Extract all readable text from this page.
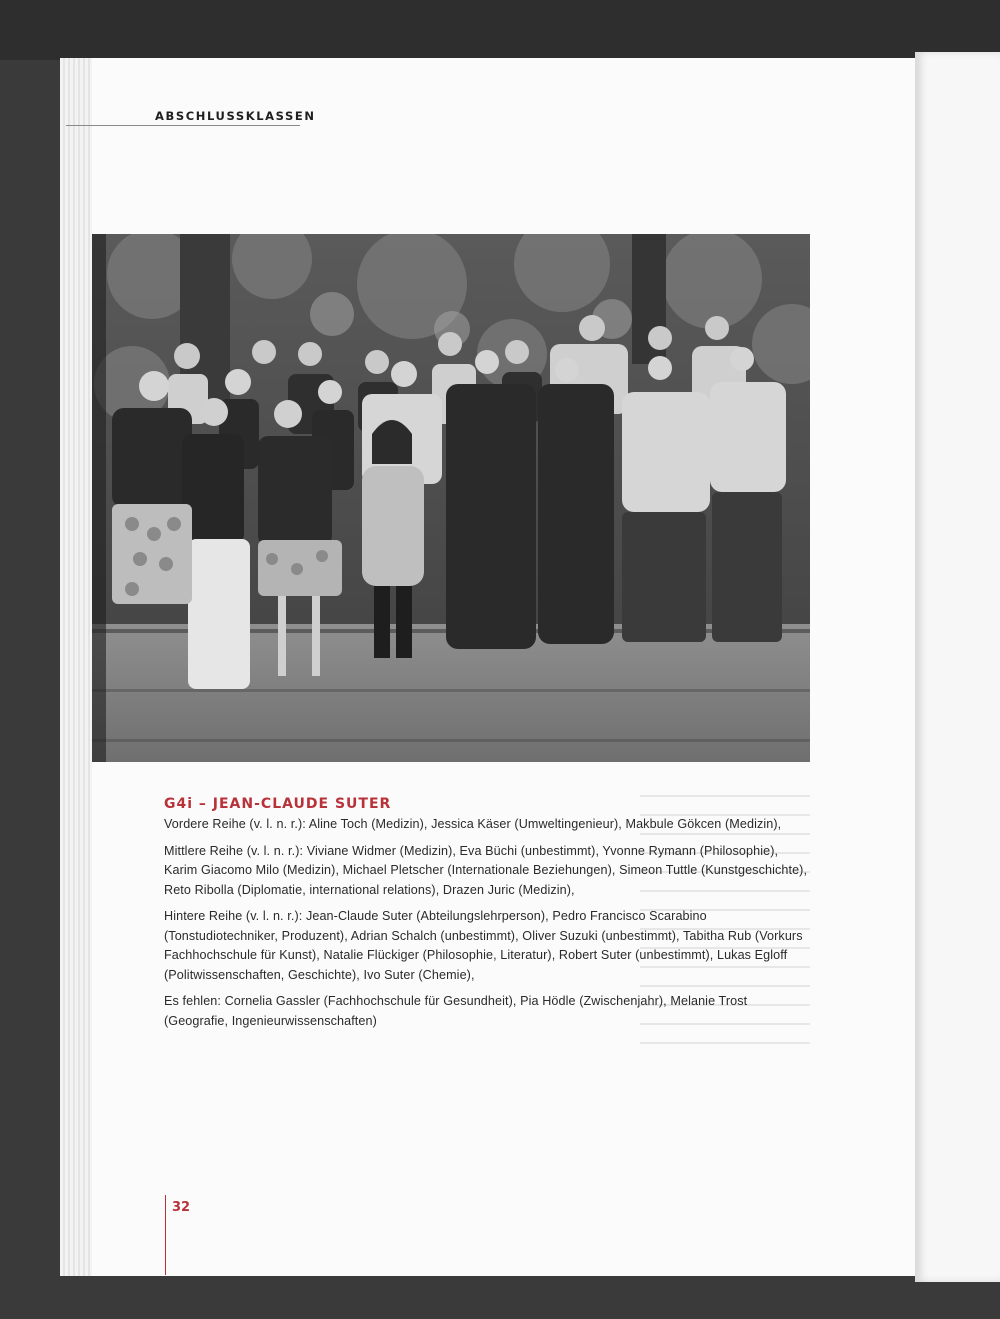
ABSCHLUSSKLASSEN
G4i – JEAN-CLAUDE SUTER

Vordere Reihe (v. l. n. r.): Aline Toch (Medizin), Jessica Käser (Umweltingenieur), Makbule Gökcen (Medizin),

Mittlere Reihe (v. l. n. r.): Viviane Widmer (Medizin), Eva Büchi (unbestimmt), Yvonne Rymann (Philosophie), Karim Giacomo Milo (Medizin), Michael Pletscher (Internationale Beziehungen), Simeon Tuttle (Kunstgeschichte), Reto Ribolla (Diplomatie, international relations), Drazen Juric (Medizin),

Hintere Reihe (v. l. n. r.): Jean-Claude Suter (Abteilungslehrperson), Pedro Francisco Scarabino (Tonstudiotechniker, Produzent), Adrian Schalch (unbestimmt), Oliver Suzuki (unbestimmt), Tabitha Rub (Vorkurs Fachhochschule für Kunst), Natalie Flückiger (Philosophie, Literatur), Robert Suter (unbestimmt), Lukas Egloff (Politwissenschaften, Geschichte), Ivo Suter (Chemie),

Es fehlen: Cornelia Gassler (Fachhochschule für Gesundheit), Pia Hödle (Zwischenjahr), Melanie Trost (Geografie, Ingenieurwissenschaften)

32
